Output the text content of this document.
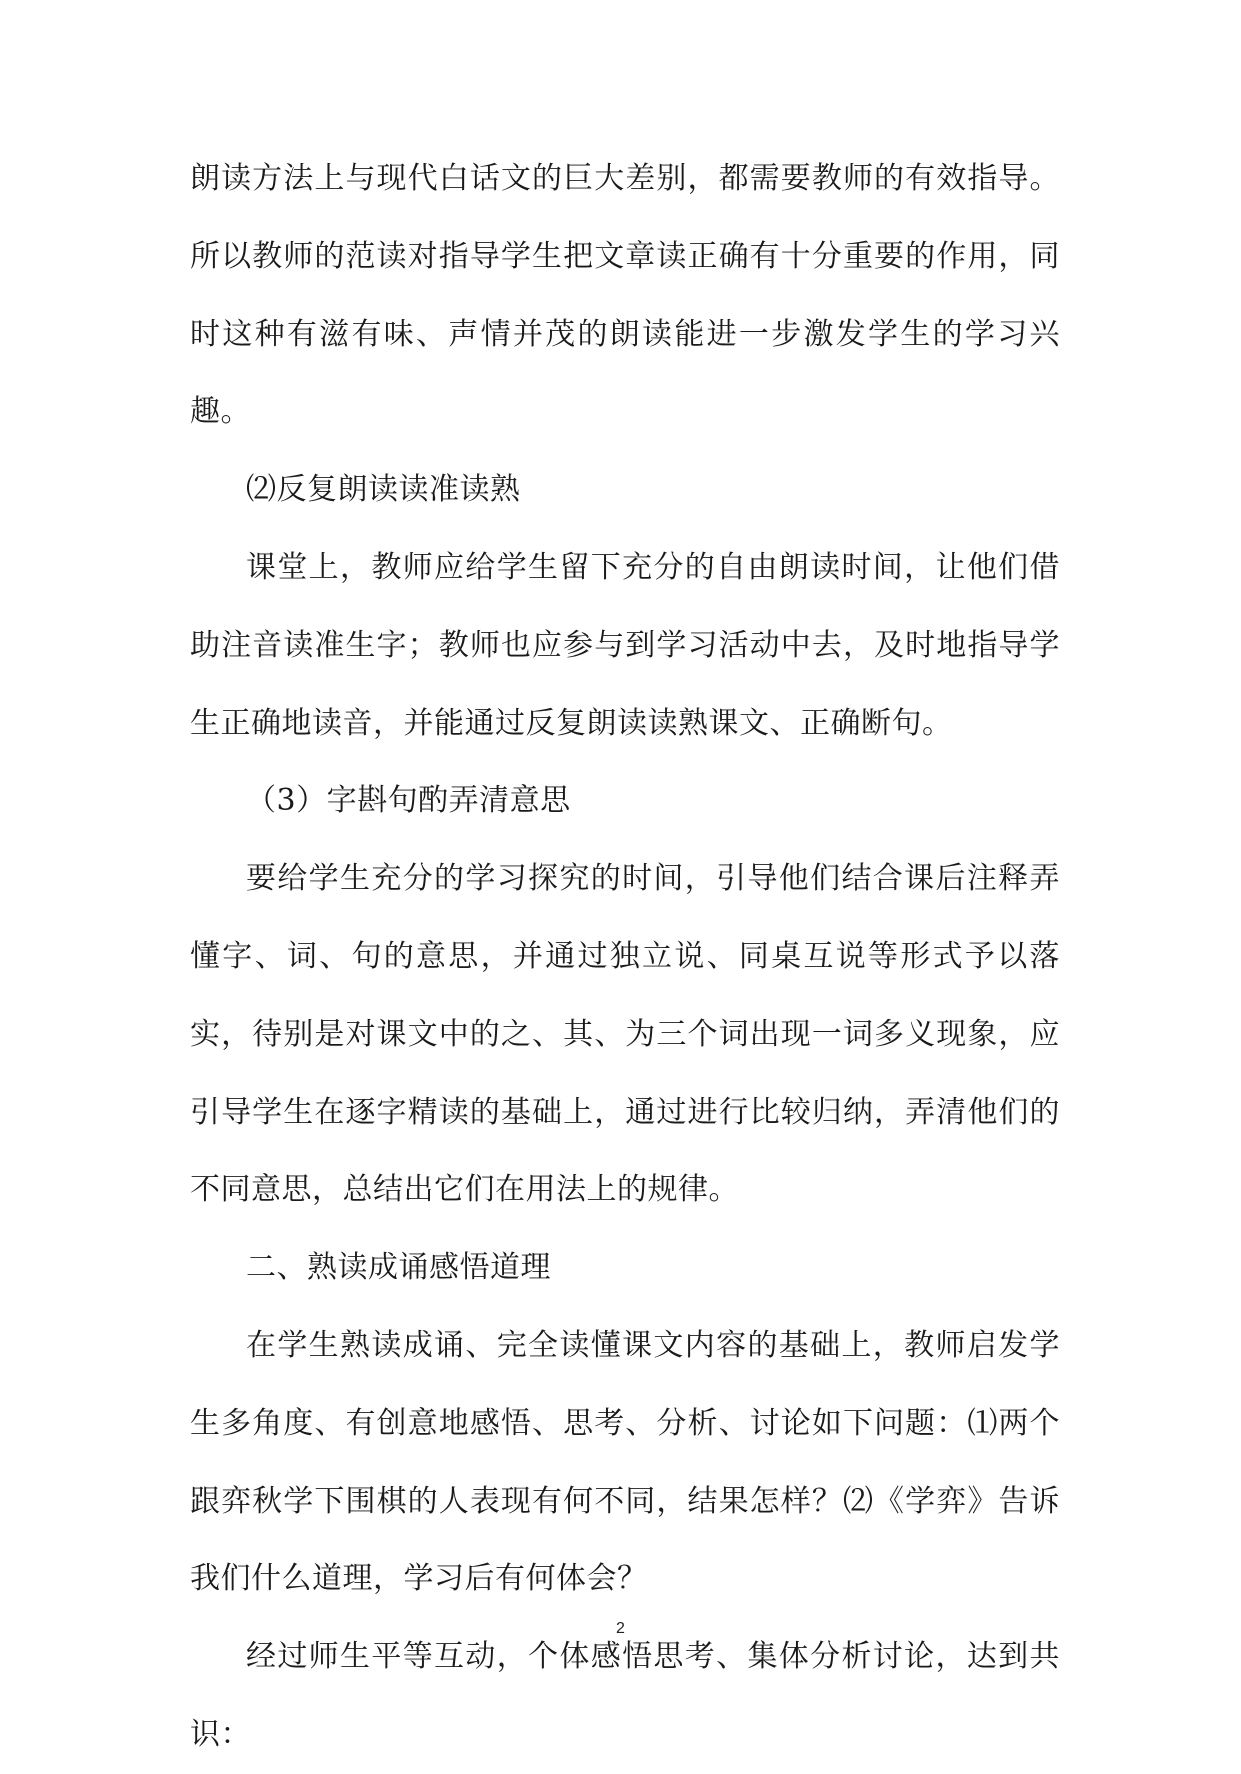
朗读方法上与现代白话文的巨大差别，都需要教师的有效指导。所以教师的范读对指导学生把文章读正确有十分重要的作用，同时这种有滋有味、声情并茂的朗读能进一步激发学生的学习兴趣。

⑵反复朗读读准读熟

课堂上，教师应给学生留下充分的自由朗读时间，让他们借助注音读准生字；教师也应参与到学习活动中去，及时地指导学生正确地读音，并能通过反复朗读读熟课文、正确断句。

（3）字斟句酌弄清意思

要给学生充分的学习探究的时间，引导他们结合课后注释弄懂字、词、句的意思，并通过独立说、同桌互说等形式予以落实，待别是对课文中的之、其、为三个词出现一词多义现象，应引导学生在逐字精读的基础上，通过进行比较归纳，弄清他们的不同意思，总结出它们在用法上的规律。

二、熟读成诵感悟道理

在学生熟读成诵、完全读懂课文内容的基础上，教师启发学生多角度、有创意地感悟、思考、分析、讨论如下问题：⑴两个跟弈秋学下围棋的人表现有何不同，结果怎样？⑵《学弈》告诉我们什么道理，学习后有何体会？

经过师生平等互动，个体感悟思考、集体分析讨论，达到共识：

2
